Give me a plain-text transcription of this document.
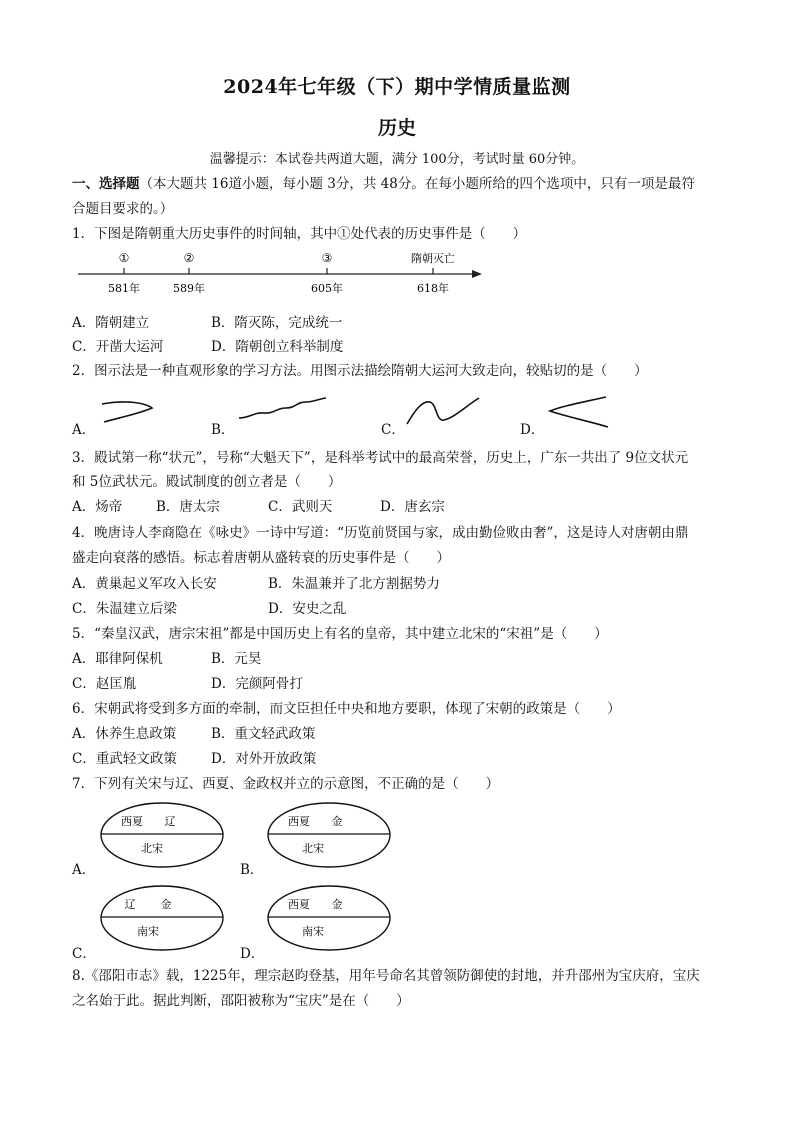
2024年七年级（下）期中学情质量监测
历史
温馨提示：本试卷共两道大题，满分 100分，考试时量 60分钟。
一、选择题（本大题共 16道小题，每小题 3分，共 48分。在每小题所给的四个选项中，只有一项是最符
合题目要求的。）
1．下图是隋朝重大历史事件的时间轴，其中①处代表的历史事件是（　　）
①	②	③	隋朝灭亡
581年	589年	605年	618年
A．隋朝建立	B．隋灭陈，完成统一
C．开凿大运河	D．隋朝创立科举制度
2．图示法是一种直观形象的学习方法。用图示法描绘隋朝大运河大致走向，较贴切的是（　　）
A．	B．	C．	D．
3．殿试第一称“状元”，号称“大魁天下”，是科举考试中的最高荣誉，历史上，广东一共出了 9位文状元
和 5位武状元。殿试制度的创立者是（　　）
A．炀帝	B．唐太宗	C．武则天	D．唐玄宗
4．晚唐诗人李商隐在《咏史》一诗中写道：“历览前贤国与家，成由勤俭败由奢”，这是诗人对唐朝由鼎
盛走向衰落的感悟。标志着唐朝从盛转衰的历史事件是（　　）
A．黄巢起义军攻入长安	B．朱温兼并了北方割据势力
C．朱温建立后梁	D．安史之乱
5．“秦皇汉武，唐宗宋祖”都是中国历史上有名的皇帝，其中建立北宋的“宋祖”是（　　）
A．耶律阿保机	B．元昊
C．赵匡胤	D．完颜阿骨打
6．宋朝武将受到多方面的牵制，而文臣担任中央和地方要职，体现了宋朝的政策是（　　）
A．休养生息政策	B．重文轻武政策
C．重武轻文政策	D．对外开放政策
7．下列有关宋与辽、西夏、金政权并立的示意图，不正确的是（　　）
A．
西夏 辽
北宋
B．
西夏 金
北宋
C．
辽 金
南宋
D．
西夏 金
南宋
8.《邵阳市志》载，1225年，理宗赵昀登基，用年号命名其曾领防御使的封地，并升邵州为宝庆府，宝庆
之名始于此。据此判断，邵阳被称为“宝庆”是在（　　）
